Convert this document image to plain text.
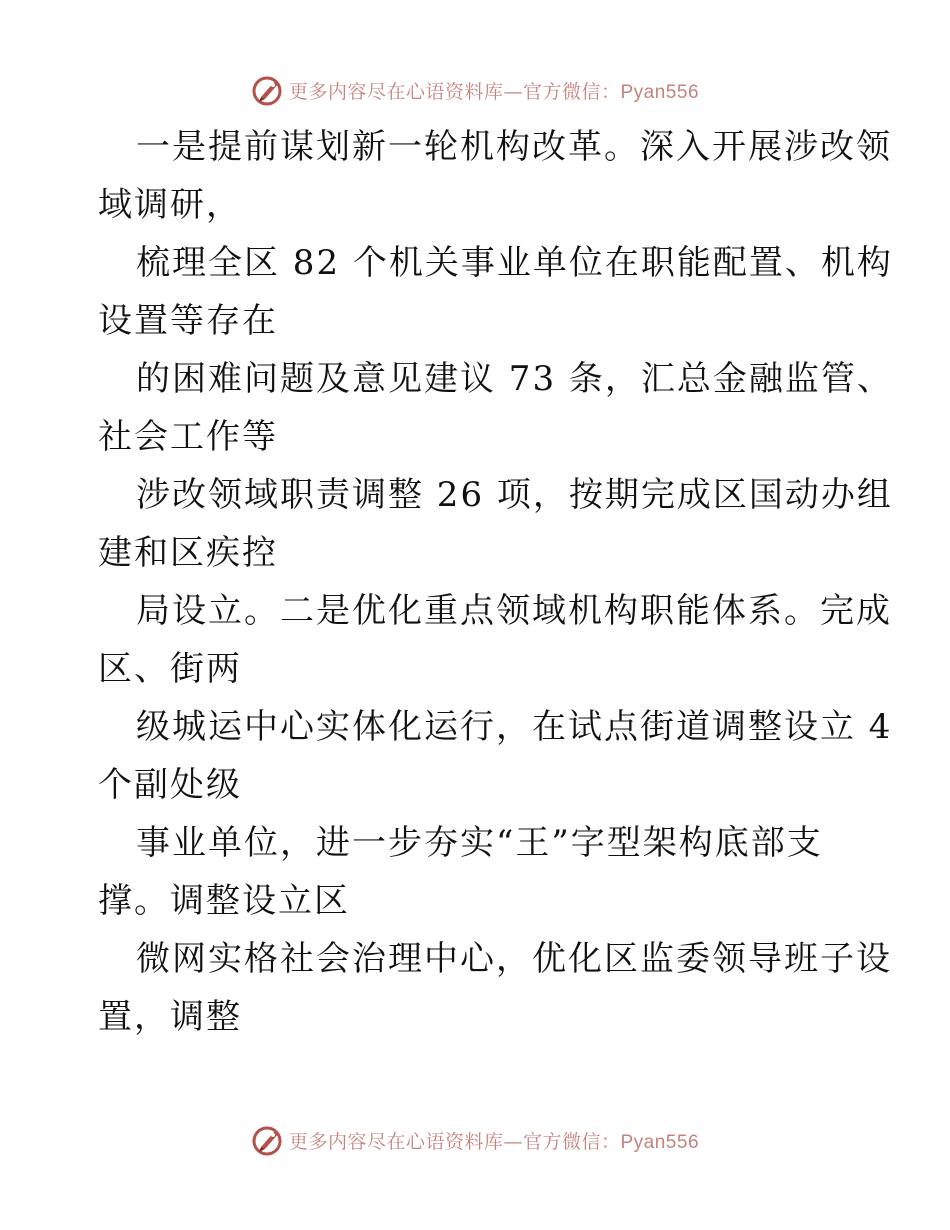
更多内容尽在心语资料库—官方微信：Pyan556
一是提前谋划新一轮机构改革。深入开展涉改领
域调研，
梳理全区 82 个机关事业单位在职能配置、机构
设置等存在
的困难问题及意见建议 73 条，汇总金融监管、
社会工作等
涉改领域职责调整 26 项，按期完成区国动办组
建和区疾控
局设立。二是优化重点领域机构职能体系。完成
区、街两
级城运中心实体化运行，在试点街道调整设立 4
个副处级
事业单位，进一步夯实“王”字型架构底部支
撑。调整设立区
微网实格社会治理中心，优化区监委领导班子设
置，调整
更多内容尽在心语资料库—官方微信：Pyan556
